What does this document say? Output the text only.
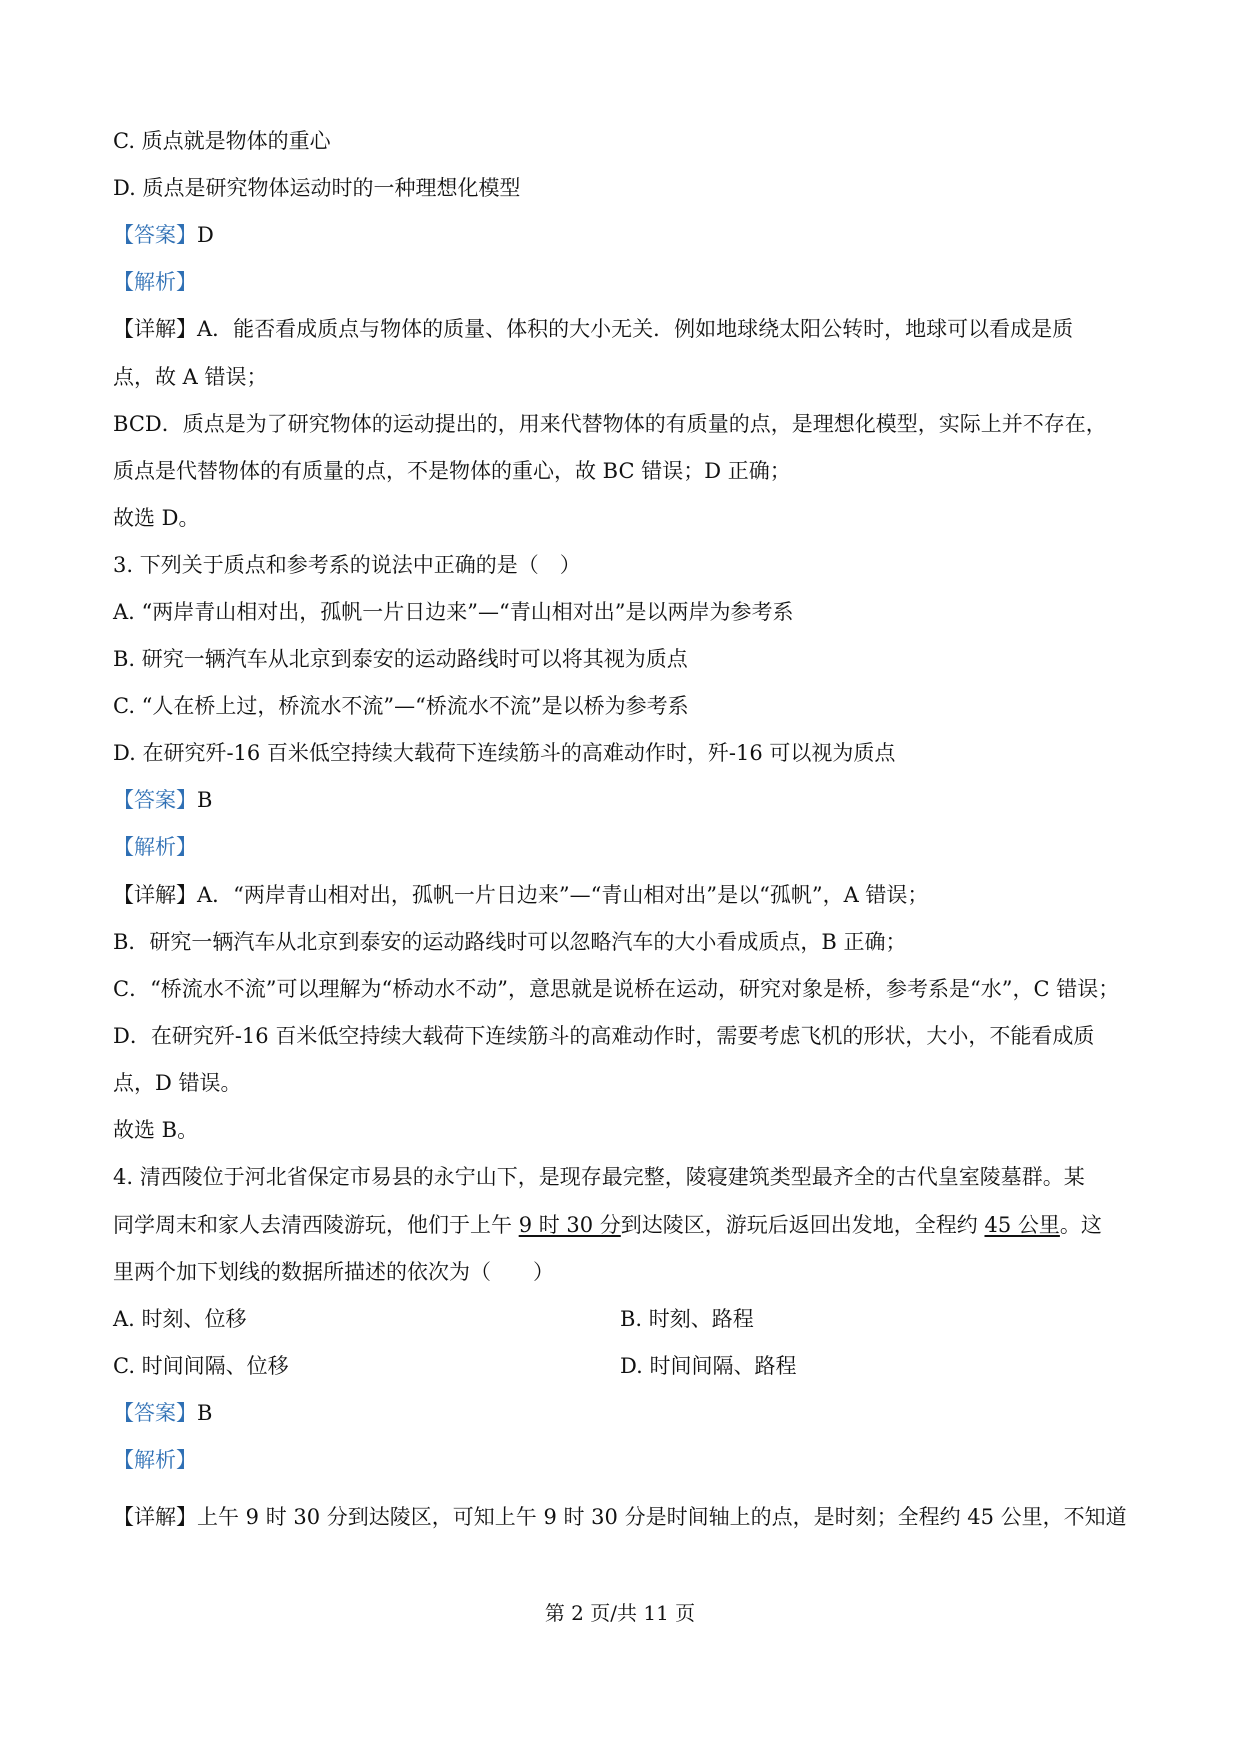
C. 质点就是物体的重心
D. 质点是研究物体运动时的一种理想化模型
【答案】D
【解析】
【详解】A．能否看成质点与物体的质量、体积的大小无关．例如地球绕太阳公转时，地球可以看成是质
点，故 A 错误；
BCD．质点是为了研究物体的运动提出的，用来代替物体的有质量的点，是理想化模型，实际上并不存在，
质点是代替物体的有质量的点，不是物体的重心，故 BC 错误；D 正确；
故选 D。
3. 下列关于质点和参考系的说法中正确的是（　）
A. “两岸青山相对出，孤帆一片日边来”—“青山相对出”是以两岸为参考系
B. 研究一辆汽车从北京到泰安的运动路线时可以将其视为质点
C. “人在桥上过，桥流水不流”—“桥流水不流”是以桥为参考系
D. 在研究歼-16 百米低空持续大载荷下连续筋斗的高难动作时，歼-16 可以视为质点
【答案】B
【解析】
【详解】A．“两岸青山相对出，孤帆一片日边来”—“青山相对出”是以“孤帆”，A 错误；
B．研究一辆汽车从北京到泰安的运动路线时可以忽略汽车的大小看成质点，B 正确；
C．“桥流水不流”可以理解为“桥动水不动”，意思就是说桥在运动，研究对象是桥，参考系是“水”，C 错误；
D．在研究歼-16 百米低空持续大载荷下连续筋斗的高难动作时，需要考虑飞机的形状，大小，不能看成质
点，D 错误。
故选 B。
4. 清西陵位于河北省保定市易县的永宁山下，是现存最完整，陵寝建筑类型最齐全的古代皇室陵墓群。某
同学周末和家人去清西陵游玩，他们于上午 9 时 30 分到达陵区，游玩后返回出发地，全程约 45 公里。这
里两个加下划线的数据所描述的依次为（　　）
A. 时刻、位移	B. 时刻、路程
C. 时间间隔、位移	D. 时间间隔、路程
【答案】B
【解析】
【详解】上午 9 时 30 分到达陵区，可知上午 9 时 30 分是时间轴上的点，是时刻；全程约 45 公里，不知道
第 2 页/共 11 页
